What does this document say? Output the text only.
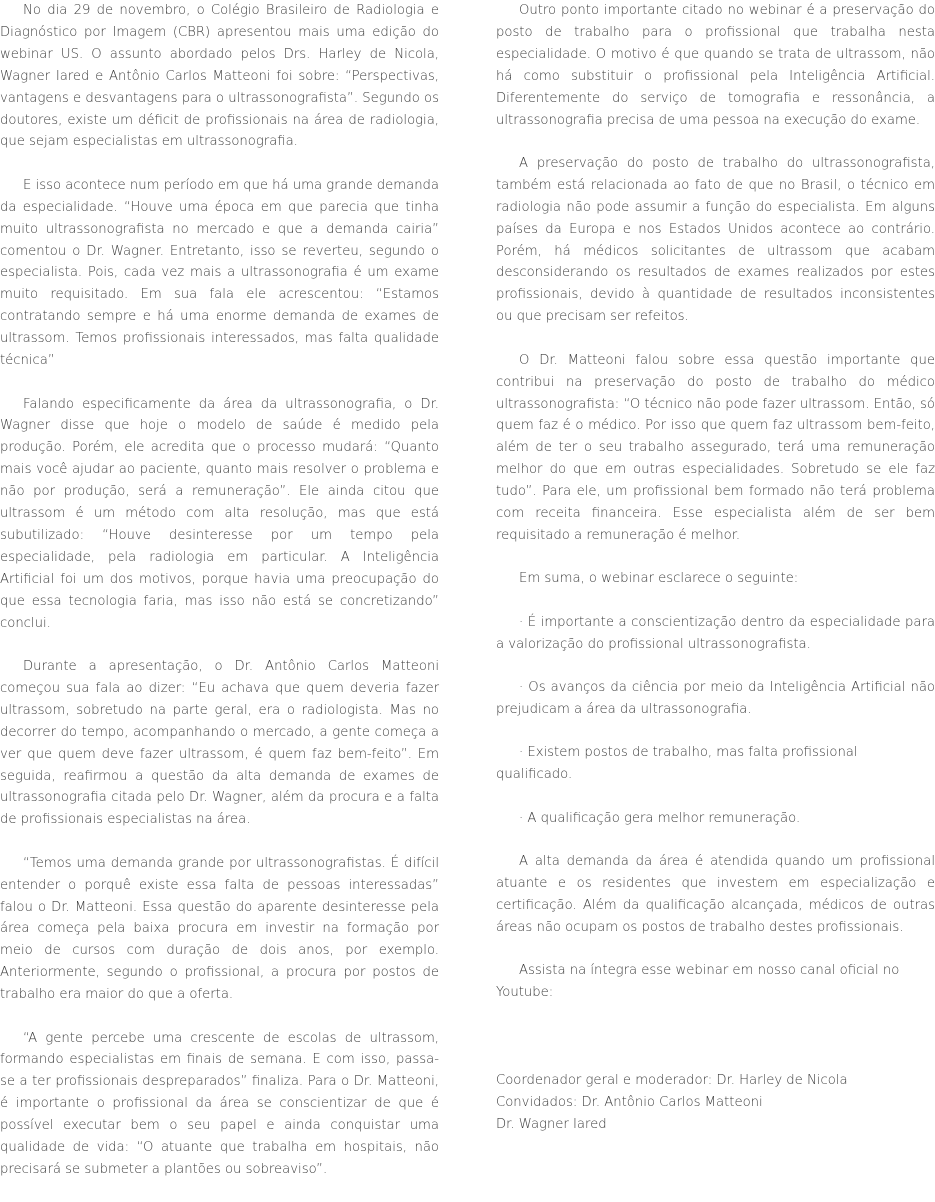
No dia 29 de novembro, o Colégio Brasileiro de Radiologia e Diagnóstico por Imagem (CBR) apresentou mais uma edição do webinar US. O assunto abordado pelos Drs. Harley de Nicola, Wagner Iared e Antônio Carlos Matteoni foi sobre: “Perspectivas, vantagens e desvantagens para o ultrassonografista”. Segundo os doutores, existe um déficit de profissionais na área de radiologia, que sejam especialistas em ultrassonografia.

E isso acontece num período em que há uma grande demanda da especialidade. “Houve uma época em que parecia que tinha muito ultrassonografista no mercado e que a demanda cairia” comentou o Dr. Wagner. Entretanto, isso se reverteu, segundo o especialista. Pois, cada vez mais a ultrassonografia é um exame muito requisitado. Em sua fala ele acrescentou: “Estamos contratando sempre e há uma enorme demanda de exames de ultrassom. Temos profissionais interessados, mas falta qualidade técnica”

Falando especificamente da área da ultrassonografia, o Dr. Wagner disse que hoje o modelo de saúde é medido pela produção. Porém, ele acredita que o processo mudará: “Quanto mais você ajudar ao paciente, quanto mais resolver o problema e não por produção, será a remuneração”. Ele ainda citou que ultrassom é um método com alta resolução, mas que está subutilizado: “Houve desinteresse por um tempo pela especialidade, pela radiologia em particular. A Inteligência Artificial foi um dos motivos, porque havia uma preocupação do que essa tecnologia faria, mas isso não está se concretizando” conclui.

Durante a apresentação, o Dr. Antônio Carlos Matteoni começou sua fala ao dizer: “Eu achava que quem deveria fazer ultrassom, sobretudo na parte geral, era o radiologista. Mas no decorrer do tempo, acompanhando o mercado, a gente começa a ver que quem deve fazer ultrassom, é quem faz bem-feito”. Em seguida, reafirmou a questão da alta demanda de exames de ultrassonografia citada pelo Dr. Wagner, além da procura e a falta de profissionais especialistas na área.

“Temos uma demanda grande por ultrassonografistas. É difícil entender o porquê existe essa falta de pessoas interessadas” falou o Dr. Matteoni. Essa questão do aparente desinteresse pela área começa pela baixa procura em investir na formação por meio de cursos com duração de dois anos, por exemplo. Anteriormente, segundo o profissional, a procura por postos de trabalho era maior do que a oferta.

“A gente percebe uma crescente de escolas de ultrassom, formando especialistas em finais de semana. E com isso, passa-se a ter profissionais despreparados” finaliza. Para o Dr. Matteoni, é importante o profissional da área se conscientizar de que é possível executar bem o seu papel e ainda conquistar uma qualidade de vida: “O atuante que trabalha em hospitais, não precisará se submeter a plantões ou sobreaviso”.

Outro ponto importante citado no webinar é a preservação do posto de trabalho para o profissional que trabalha nesta especialidade. O motivo é que quando se trata de ultrassom, não há como substituir o profissional pela Inteligência Artificial. Diferentemente do serviço de tomografia e ressonância, a ultrassonografia precisa de uma pessoa na execução do exame.

A preservação do posto de trabalho do ultrassonografista, também está relacionada ao fato de que no Brasil, o técnico em radiologia não pode assumir a função do especialista. Em alguns países da Europa e nos Estados Unidos acontece ao contrário. Porém, há médicos solicitantes de ultrassom que acabam desconsiderando os resultados de exames realizados por estes profissionais, devido à quantidade de resultados inconsistentes ou que precisam ser refeitos.

O Dr. Matteoni falou sobre essa questão importante que contribui na preservação do posto de trabalho do médico ultrassonografista: “O técnico não pode fazer ultrassom. Então, só quem faz é o médico. Por isso que quem faz ultrassom bem-feito, além de ter o seu trabalho assegurado, terá uma remuneração melhor do que em outras especialidades. Sobretudo se ele faz tudo”. Para ele, um profissional bem formado não terá problema com receita financeira. Esse especialista além de ser bem requisitado a remuneração é melhor.

Em suma, o webinar esclarece o seguinte:

· É importante a conscientização dentro da especialidade para a valorização do profissional ultrassonografista.

· Os avanços da ciência por meio da Inteligência Artificial não prejudicam a área da ultrassonografia.

· Existem postos de trabalho, mas falta profissional qualificado.

· A qualificação gera melhor remuneração.

A alta demanda da área é atendida quando um profissional atuante e os residentes que investem em especialização e certificação. Além da qualificação alcançada, médicos de outras áreas não ocupam os postos de trabalho destes profissionais.

Assista na íntegra esse webinar em nosso canal oficial no Youtube:

Coordenador geral e moderador: Dr. Harley de Nicola

Convidados: Dr. Antônio Carlos Matteoni

Dr. Wagner Iared
